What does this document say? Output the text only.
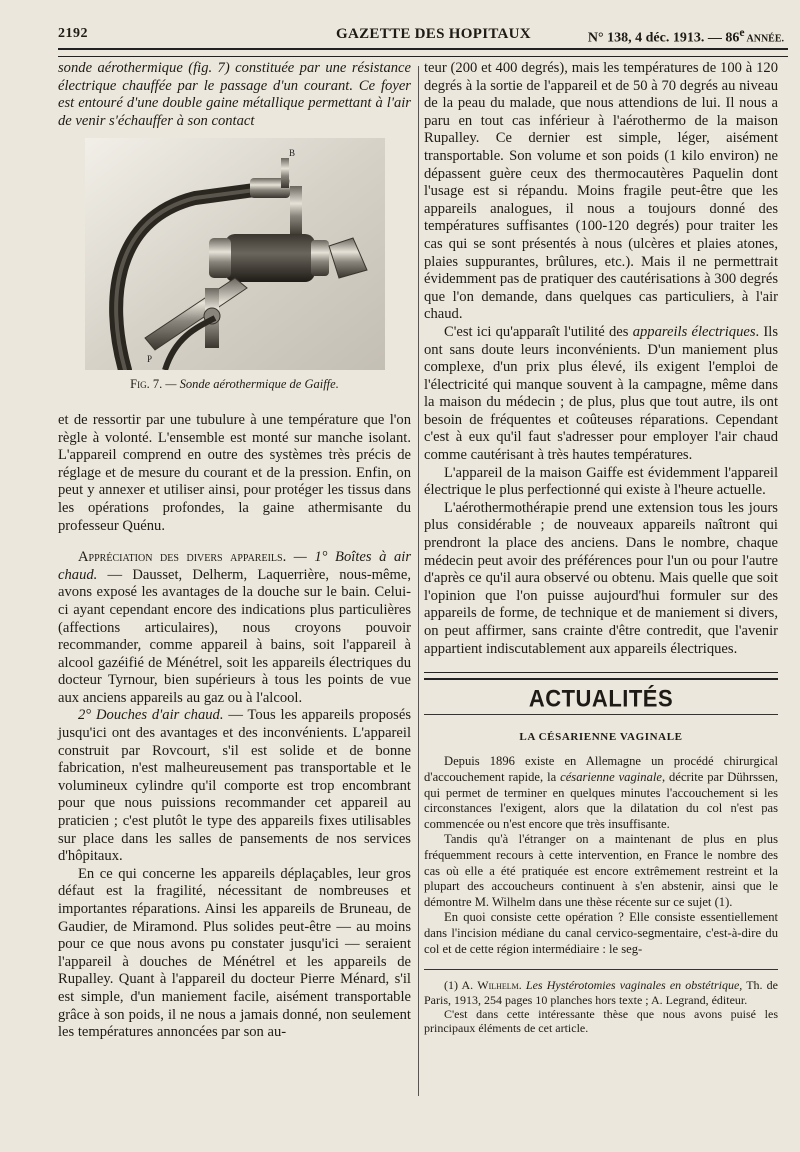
2192	GAZETTE DES HOPITAUX	N° 138, 4 déc. 1913. — 86e ANNÉE.

sonde aérothermique (fig. 7) constituée par une résistance électrique chauffée par le passage d'un courant. Ce foyer est entouré d'une double gaine métallique permettant à l'air de venir s'échauffer à son contact

B
P
Fig. 7. — Sonde aérothermique de Gaiffe.

et de ressortir par une tubulure à une température que l'on règle à volonté. L'ensemble est monté sur manche isolant. L'appareil comprend en outre des systèmes très précis de réglage et de mesure du courant et de la pression. Enfin, on peut y annexer et utiliser ainsi, pour protéger les tissus dans les opérations profondes, la gaine athermisante du professeur Quénu.

Appréciation des divers appareils. — 1° Boîtes à air chaud. — Dausset, Delherm, Laquerrière, nous-même, avons exposé les avantages de la douche sur le bain. Celui-ci ayant cependant encore des indications plus particulières (affections articulaires), nous croyons pouvoir recommander, comme appareil à bains, soit l'appareil à alcool gazéifié de Ménétrel, soit les appareils électriques du docteur Tyrnour, bien supérieurs à tous les points de vue aux anciens appareils au gaz ou à l'alcool.

2° Douches d'air chaud. — Tous les appareils proposés jusqu'ici ont des avantages et des inconvénients. L'appareil construit par Rovcourt, s'il est solide et de bonne fabrication, n'est malheureusement pas transportable et le volumineux cylindre qu'il comporte est trop encombrant pour que nous puissions recommander cet appareil au praticien ; c'est plutôt le type des appareils fixes utilisables sur place dans les salles de pansements de nos services d'hôpitaux.

En ce qui concerne les appareils déplaçables, leur gros défaut est la fragilité, nécessitant de nombreuses et importantes réparations. Ainsi les appareils de Bruneau, de Gaudier, de Miramond. Plus solides peut-être — au moins pour ce que nous avons pu constater jusqu'ici — seraient l'appareil à douches de Ménétrel et les appareils de Rupalley. Quant à l'appareil du docteur Pierre Ménard, s'il est simple, d'un maniement facile, aisément transportable grâce à son poids, il ne nous a jamais donné, non seulement les températures annoncées par son au-

teur (200 et 400 degrés), mais les températures de 100 à 120 degrés à la sortie de l'appareil et de 50 à 70 degrés au niveau de la peau du malade, que nous attendions de lui. Il nous a paru en tout cas inférieur à l'aérothermo de la maison Rupalley. Ce dernier est simple, léger, aisément transportable. Son volume et son poids (1 kilo environ) ne dépassent guère ceux des thermocautères Paquelin dont l'usage est si répandu. Moins fragile peut-être que les appareils analogues, il nous a toujours donné des températures suffisantes (100-120 degrés) pour traiter les cas qui se sont présentés à nous (ulcères et plaies atones, plaies suppurantes, brûlures, etc.). Mais il ne permettrait évidemment pas de pratiquer des cautérisations à 300 degrés que l'on demande, dans quelques cas particuliers, à l'air chaud.

C'est ici qu'apparaît l'utilité des appareils électriques. Ils ont sans doute leurs inconvénients. D'un maniement plus complexe, d'un prix plus élevé, ils exigent l'emploi de l'électricité qui manque souvent à la campagne, même dans la maison du médecin ; de plus, plus que tout autre, ils ont besoin de fréquentes et coûteuses réparations. Cependant c'est à eux qu'il faut s'adresser pour employer l'air chaud comme cautérisant à très hautes températures.

L'appareil de la maison Gaiffe est évidemment l'appareil électrique le plus perfectionné qui existe à l'heure actuelle.

L'aérothermothérapie prend une extension tous les jours plus considérable ; de nouveaux appareils naîtront qui prendront la place des anciens. Dans le nombre, chaque médecin peut avoir des préférences pour l'un ou pour l'autre d'après ce qu'il aura observé ou obtenu. Mais quelle que soit l'opinion que l'on puisse aujourd'hui formuler sur des appareils de forme, de technique et de maniement si divers, on peut affirmer, sans crainte d'être contredit, que l'avenir appartient indiscutablement aux appareils électriques.

ACTUALITÉS
LA CÉSARIENNE VAGINALE

Depuis 1896 existe en Allemagne un procédé chirurgical d'accouchement rapide, la césarienne vaginale, décrite par Dührssen, qui permet de terminer en quelques minutes l'accouchement si les circonstances l'exigent, alors que la dilatation du col n'est pas commencée ou n'est encore que très insuffisante.

Tandis qu'à l'étranger on a maintenant de plus en plus fréquemment recours à cette intervention, en France le nombre des cas où elle a été pratiquée est encore extrêmement restreint et la plupart des accoucheurs continuent à s'en abstenir, ainsi que le démontre M. Wilhelm dans une thèse récente sur ce sujet (1).

En quoi consiste cette opération ? Elle consiste essentiellement dans l'incision médiane du canal cervico-segmentaire, c'est-à-dire du col et de cette région intermédiaire : le seg-

(1) A. Wilhelm. Les Hystérotomies vaginales en obstétrique, Th. de Paris, 1913, 254 pages 10 planches hors texte ; A. Legrand, éditeur.

C'est dans cette intéressante thèse que nous avons puisé les principaux éléments de cet article.
